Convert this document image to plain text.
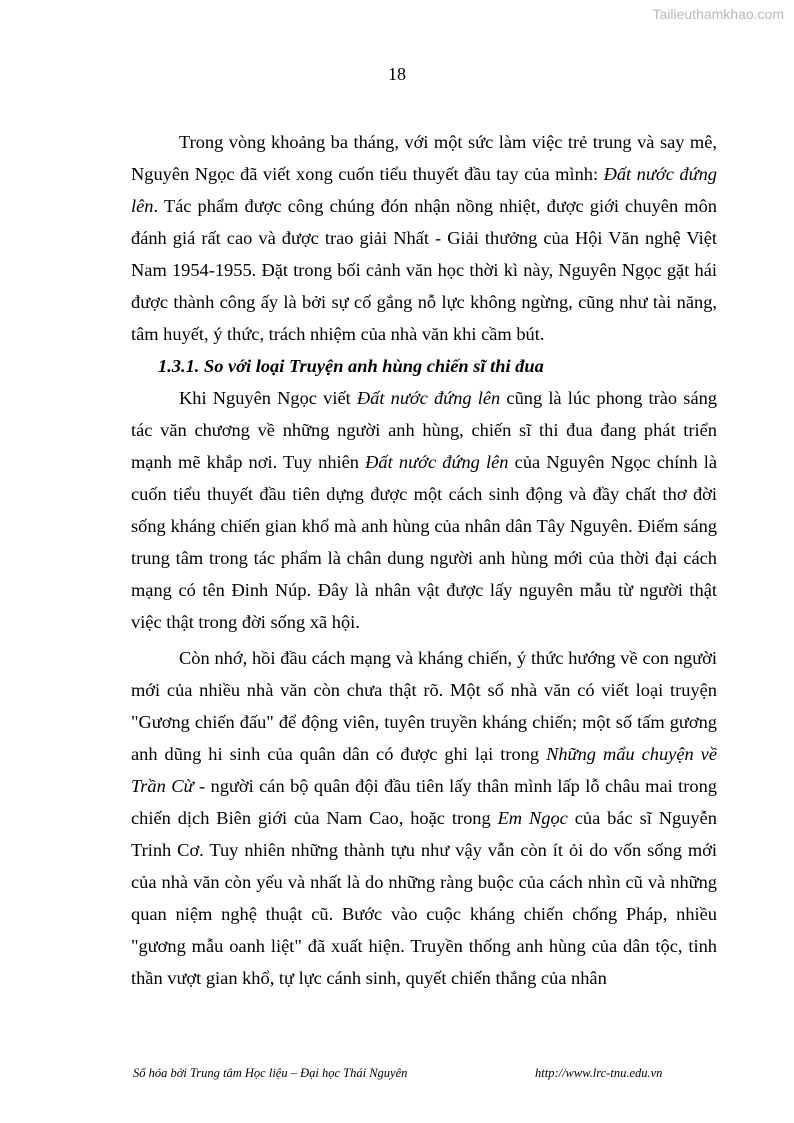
Tailieuthamkhao.com
18

Trong vòng khoảng ba tháng, với một sức làm việc trẻ trung và say mê, Nguyên Ngọc đã viết xong cuốn tiểu thuyết đầu tay của mình: Đất nước đứng lên. Tác phẩm được công chúng đón nhận nồng nhiệt, được giới chuyên môn đánh giá rất cao và được trao giải Nhất - Giải thưởng của Hội Văn nghệ Việt Nam 1954-1955. Đặt trong bối cảnh văn học thời kì này, Nguyên Ngọc gặt hái được thành công ấy là bởi sự cố gắng nỗ lực không ngừng, cũng như tài năng, tâm huyết, ý thức, trách nhiệm của nhà văn khi cầm bút.

1.3.1. So với loại Truyện anh hùng chiến sĩ thi đua

Khi Nguyên Ngọc viết Đất nước đứng lên cũng là lúc phong trào sáng tác văn chương về những người anh hùng, chiến sĩ thi đua đang phát triển mạnh mẽ khắp nơi. Tuy nhiên Đất nước đứng lên của Nguyên Ngọc chính là cuốn tiểu thuyết đầu tiên dựng được một cách sinh động và đầy chất thơ đời sống kháng chiến gian khổ mà anh hùng của nhân dân Tây Nguyên. Điểm sáng trung tâm trong tác phẩm là chân dung người anh hùng mới của thời đại cách mạng có tên Đinh Núp. Đây là nhân vật được lấy nguyên mẫu từ người thật việc thật trong đời sống xã hội.

Còn nhớ, hồi đầu cách mạng và kháng chiến, ý thức hướng về con người mới của nhiều nhà văn còn chưa thật rõ. Một số nhà văn có viết loại truyện "Gương chiến đấu" để động viên, tuyên truyền kháng chiến; một số tấm gương anh dũng hi sinh của quân dân có được ghi lại trong Những mẩu chuyện về Trần Cừ - người cán bộ quân đội đầu tiên lấy thân mình lấp lỗ châu mai trong chiến dịch Biên giới của Nam Cao, hoặc trong Em Ngọc của bác sĩ Nguyễn Trinh Cơ. Tuy nhiên những thành tựu như vậy vẫn còn ít ỏi do vốn sống mới của nhà văn còn yếu và nhất là do những ràng buộc của cách nhìn cũ và những quan niệm nghệ thuật cũ. Bước vào cuộc kháng chiến chống Pháp, nhiều "gương mẫu oanh liệt" đã xuất hiện. Truyền thống anh hùng của dân tộc, tinh thần vượt gian khổ, tự lực cánh sinh, quyết chiến thắng của nhân

Số hóa bởi Trung tâm Học liệu – Đại học Thái Nguyên	http://www.lrc-tnu.edu.vn
